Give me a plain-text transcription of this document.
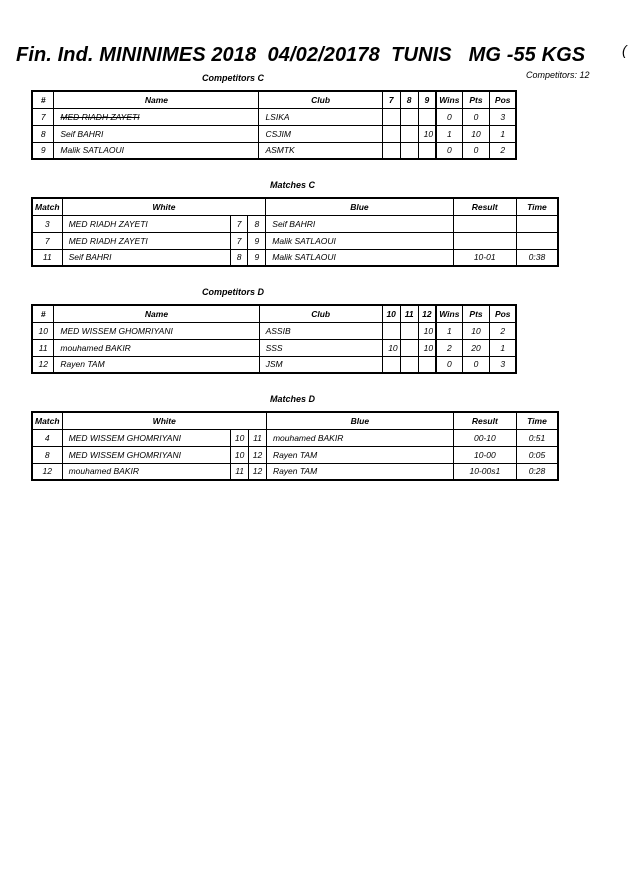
Fin. Ind. MININIMES 2018  04/02/20178  TUNIS   MG -55 KGS	(
Competitors: 12
Competitors C
#	Name	Club	7	8	9	Wins	Pts	Pos
7	MED RIADH ZAYETI	LSIKA				0	0	3
8	Seif BAHRI	CSJIM			10	1	10	1
9	Malik SATLAOUI	ASMTK				0	0	2
Matches C
Match	White			Blue	Result	Time
3	MED RIADH ZAYETI	7	8	Seif BAHRI		
7	MED RIADH ZAYETI	7	9	Malik SATLAOUI		
11	Seif BAHRI	8	9	Malik SATLAOUI	10-01	0:38
Competitors D
#	Name	Club	10	11	12	Wins	Pts	Pos
10	MED WISSEM GHOMRIYANI	ASSIB			10	1	10	2
11	mouhamed BAKIR	SSS	10		10	2	20	1
12	Rayen TAM	JSM				0	0	3
Matches D
Match	White			Blue	Result	Time
4	MED WISSEM GHOMRIYANI	10	11	mouhamed BAKIR	00-10	0:51
8	MED WISSEM GHOMRIYANI	10	12	Rayen TAM	10-00	0:05
12	mouhamed BAKIR	11	12	Rayen TAM	10-00s1	0:28
